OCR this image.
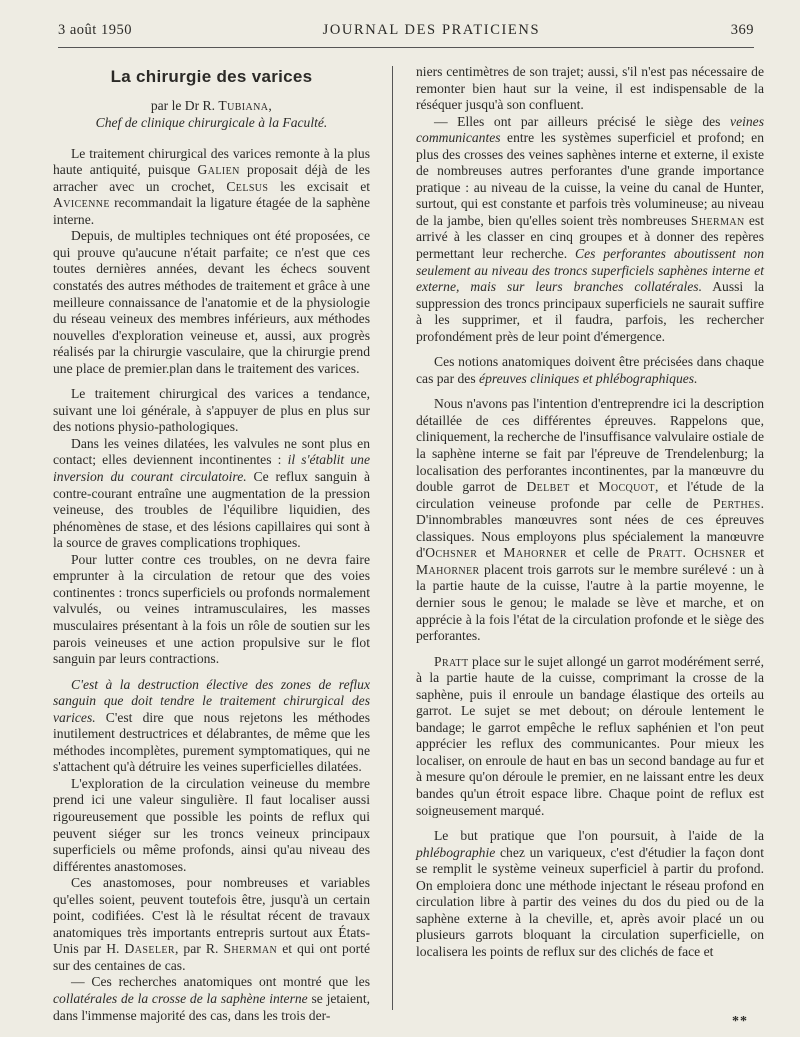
3 août 1950	JOURNAL DES PRATICIENS	369
La chirurgie des varices
par le Dr R. Tubiana,
Chef de clinique chirurgicale à la Faculté.

Le traitement chirurgical des varices remonte à la plus haute antiquité, puisque Galien proposait déjà de les arracher avec un crochet, Celsus les excisait et Avicenne recommandait la ligature étagée de la saphène interne.

Depuis, de multiples techniques ont été proposées, ce qui prouve qu'aucune n'était parfaite; ce n'est que ces toutes dernières années, devant les échecs souvent constatés des autres méthodes de traitement et grâce à une meilleure connaissance de l'anatomie et de la physiologie du réseau veineux des membres inférieurs, aux méthodes nouvelles d'exploration veineuse et, aussi, aux progrès réalisés par la chirurgie vasculaire, que la chirurgie prend une place de premier.plan dans le traitement des varices.

Le traitement chirurgical des varices a tendance, suivant une loi générale, à s'appuyer de plus en plus sur des notions physio-pathologiques.

Dans les veines dilatées, les valvules ne sont plus en contact; elles deviennent incontinentes : il s'établit une inversion du courant circulatoire. Ce reflux sanguin à contre-courant entraîne une augmentation de la pression veineuse, des troubles de l'équilibre liquidien, des phénomènes de stase, et des lésions capillaires qui sont à la source de graves complications trophiques.

Pour lutter contre ces troubles, on ne devra faire emprunter à la circulation de retour que des voies continentes : troncs superficiels ou profonds normalement valvulés, ou veines intramusculaires, les masses musculaires présentant à la fois un rôle de soutien sur les parois veineuses et une action propulsive sur le flot sanguin par leurs contractions.

C'est à la destruction élective des zones de reflux sanguin que doit tendre le traitement chirurgical des varices. C'est dire que nous rejetons les méthodes inutilement destructrices et délabrantes, de même que les méthodes incomplètes, purement symptomatiques, qui ne s'attachent qu'à détruire les veines superficielles dilatées.

L'exploration de la circulation veineuse du membre prend ici une valeur singulière. Il faut localiser aussi rigoureusement que possible les points de reflux qui peuvent siéger sur les troncs veineux principaux superficiels ou même profonds, ainsi qu'au niveau des différentes anastomoses.

Ces anastomoses, pour nombreuses et variables qu'elles soient, peuvent toutefois être, jusqu'à un certain point, codifiées. C'est là le résultat récent de travaux anatomiques très importants entrepris surtout aux États-Unis par H. Daseler, par R. Sherman et qui ont porté sur des centaines de cas.

— Ces recherches anatomiques ont montré que les collatérales de la crosse de la saphène interne se jetaient, dans l'immense majorité des cas, dans les trois der-

niers centimètres de son trajet; aussi, s'il n'est pas nécessaire de remonter bien haut sur la veine, il est indispensable de la réséquer jusqu'à son confluent.

— Elles ont par ailleurs précisé le siège des veines communicantes entre les systèmes superficiel et profond; en plus des crosses des veines saphènes interne et externe, il existe de nombreuses autres perforantes d'une grande importance pratique : au niveau de la cuisse, la veine du canal de Hunter, surtout, qui est constante et parfois très volumineuse; au niveau de la jambe, bien qu'elles soient très nombreuses Sherman est arrivé à les classer en cinq groupes et à donner des repères permettant leur recherche. Ces perforantes aboutissent non seulement au niveau des troncs superficiels saphènes interne et externe, mais sur leurs branches collatérales. Aussi la suppression des troncs principaux superficiels ne saurait suffire à les supprimer, et il faudra, parfois, les rechercher profondément près de leur point d'émergence.

Ces notions anatomiques doivent être précisées dans chaque cas par des épreuves cliniques et phlébographiques.

Nous n'avons pas l'intention d'entreprendre ici la description détaillée de ces différentes épreuves. Rappelons que, cliniquement, la recherche de l'insuffisance valvulaire ostiale de la saphène interne se fait par l'épreuve de Trendelenburg; la localisation des perforantes incontinentes, par la manœuvre du double garrot de Delbet et Mocquot, et l'étude de la circulation veineuse profonde par celle de Perthes. D'innombrables manœuvres sont nées de ces épreuves classiques. Nous employons plus spécialement la manœuvre d'Ochsner et Mahorner et celle de Pratt. Ochsner et Mahorner placent trois garrots sur le membre surélevé : un à la partie haute de la cuisse, l'autre à la partie moyenne, le dernier sous le genou; le malade se lève et marche, et on apprécie à la fois l'état de la circulation profonde et le siège des perforantes.

Pratt place sur le sujet allongé un garrot modérément serré, à la partie haute de la cuisse, comprimant la crosse de la saphène, puis il enroule un bandage élastique des orteils au garrot. Le sujet se met debout; on déroule lentement le bandage; le garrot empêche le reflux saphénien et l'on peut apprécier les reflux des communicantes. Pour mieux les localiser, on enroule de haut en bas un second bandage au fur et à mesure qu'on déroule le premier, en ne laissant entre les deux bandes qu'un étroit espace libre. Chaque point de reflux est soigneusement marqué.

Le but pratique que l'on poursuit, à l'aide de la phlébographie chez un variqueux, c'est d'étudier la façon dont se remplit le système veineux superficiel à partir du profond. On emploiera donc une méthode injectant le réseau profond en circulation libre à partir des veines du dos du pied ou de la saphène externe à la cheville, et, après avoir placé un ou plusieurs garrots bloquant la circulation superficielle, on localisera les points de reflux sur des clichés de face et

**
